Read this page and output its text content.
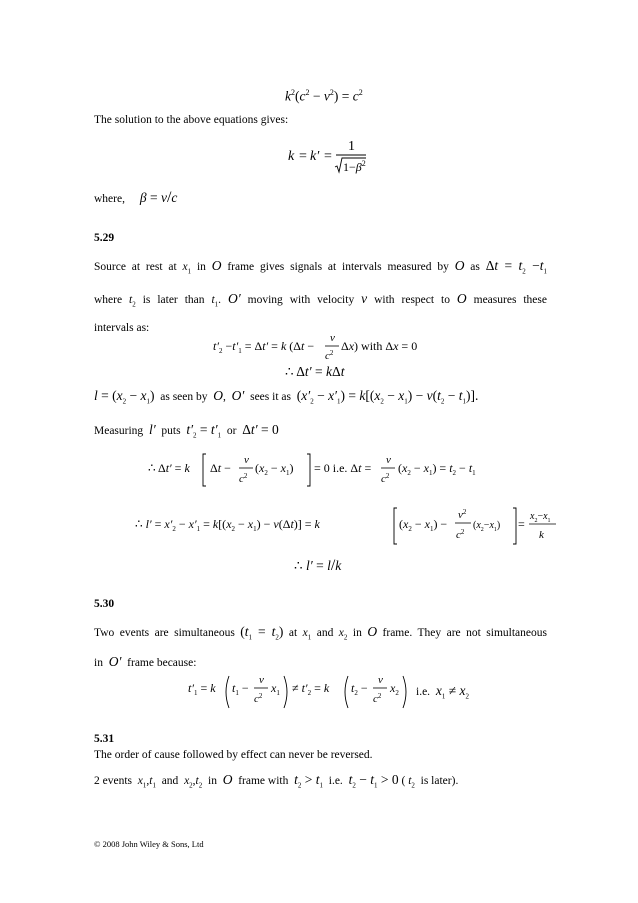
$k^2(c^2 - v^2) = c^2$
The solution to the above equations gives:
k = k′ =
1
$1-\beta^2$
where, β = v/c
5.29
Source at rest at $x_1$ in O frame gives signals at intervals measured by O as $\Delta t = t_2 -t_1$
where $t_2$ is later than $t_1$. O′ moving with velocity v with respect to O measures these
intervals as:
$t'_2 -t'_1 = \Delta t' = k$ (Δt −
v
$c^2$ Δx) with Δx = 0
∴ Δt′ = kΔt
$l = (x_2 - x_1)$  as seen by  O,  O′  sees it as  $(x'_2 - x'_1) = k[(x_2 - x_1) - v(t_2 - t_1)]$.
Measuring  l′  puts  $t'_2 = t'_1$  or  Δt′ = 0
∴ Δt′ = k Δt −
v
$c^2$
$(x_2 - x_1) = 0$ i.e. Δt =
v
$c^2$
$(x_2 - x_1) = t_2 - t_1$
∴ $l' = x'_2 - x'_1 = k[(x_2 - x_1) - v(\Delta t)] = k$	$(x_2 - x_1)$ −
$v^2$
$c^2$
$(x_2-x_1)$ =
$x_2-x_1$
k
∴ l′ = l/k
5.30
Two events are simultaneous $(t_1 = t_2)$ at $x_1$ and $x_2$ in O frame. They are not simultaneous
in  O′  frame because:
$t'_1 = k$ $t_1$ −
v
$c^2$
$x_1 \ne t'_2 = k$ $t_2$ −
v
$c^2$
$x_2$ i.e.  $x_1 \ne x_2$
5.31
The order of cause followed by effect can never be reversed.
2 events  $x_1,t_1$  and  $x_2,t_2$  in  O  frame with  $t_2 > t_1$  i.e.  $t_2 - t_1 > 0$ ( $t_2$  is later).
© 2008 John Wiley & Sons, Ltd
